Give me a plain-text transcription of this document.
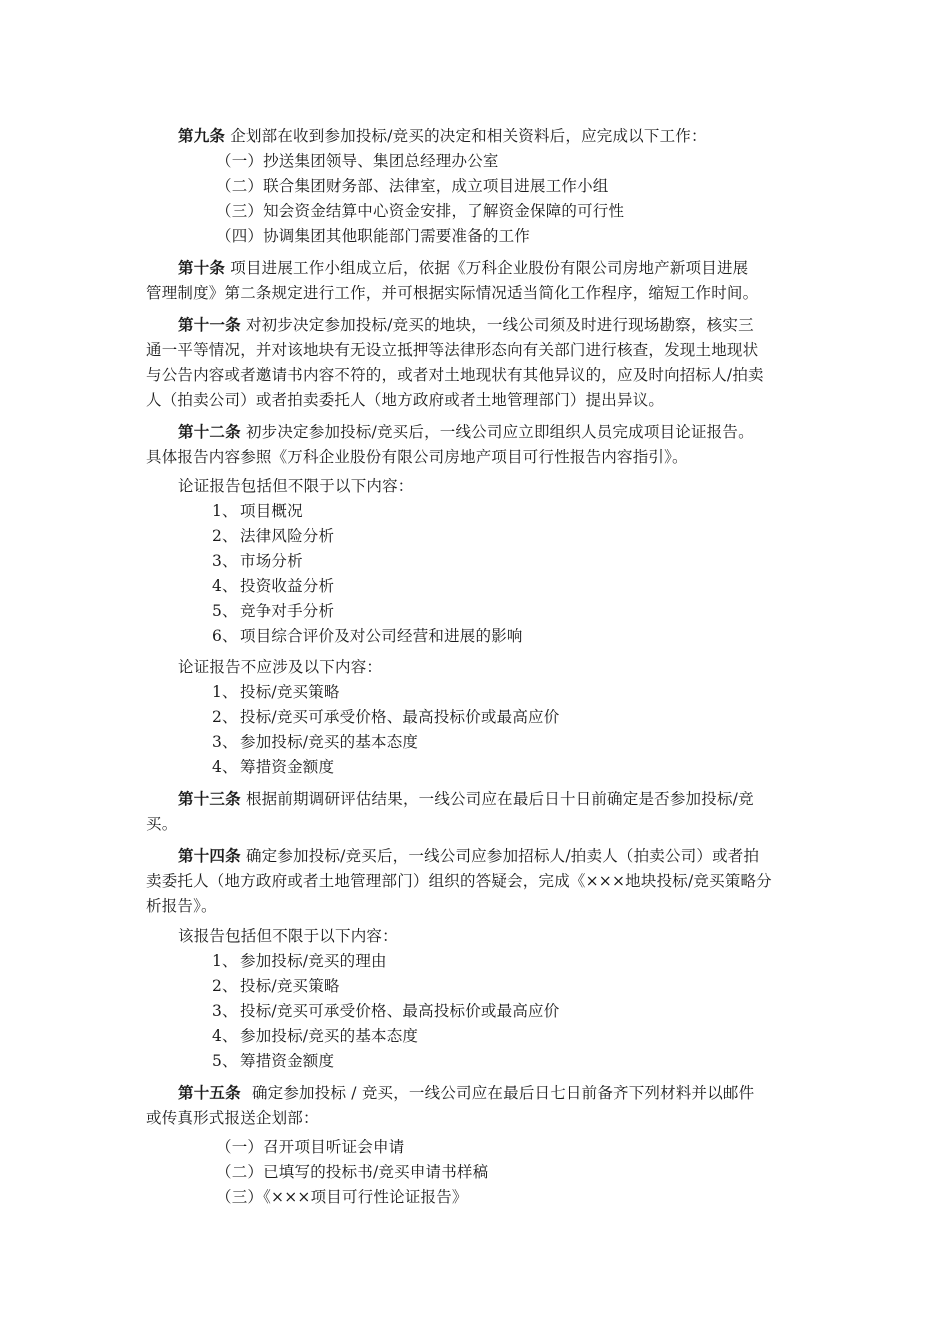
第九条 企划部在收到参加投标/竞买的决定和相关资料后，应完成以下工作：
（一）抄送集团领导、集团总经理办公室
（二）联合集团财务部、法律室，成立项目进展工作小组
（三）知会资金结算中心资金安排，了解资金保障的可行性
（四）协调集团其他职能部门需要准备的工作
第十条 项目进展工作小组成立后，依据《万科企业股份有限公司房地产新项目进展
管理制度》第二条规定进行工作，并可根据实际情况适当简化工作程序，缩短工作时间。
第十一条 对初步决定参加投标/竞买的地块，一线公司须及时进行现场勘察，核实三
通一平等情况，并对该地块有无设立抵押等法律形态向有关部门进行核查，发现土地现状
与公告内容或者邀请书内容不符的，或者对土地现状有其他异议的，应及时向招标人/拍卖
人（拍卖公司）或者拍卖委托人（地方政府或者土地管理部门）提出异议。
第十二条 初步决定参加投标/竞买后，一线公司应立即组织人员完成项目论证报告。
具体报告内容参照《万科企业股份有限公司房地产项目可行性报告内容指引》。
论证报告包括但不限于以下内容：
1、 项目概况
2、 法律风险分析
3、 市场分析
4、 投资收益分析
5、 竞争对手分析
6、 项目综合评价及对公司经营和进展的影响
论证报告不应涉及以下内容：
1、 投标/竞买策略
2、 投标/竞买可承受价格、最高投标价或最高应价
3、 参加投标/竞买的基本态度
4、 筹措资金额度
第十三条 根据前期调研评估结果，一线公司应在最后日十日前确定是否参加投标/竞
买。
第十四条 确定参加投标/竞买后，一线公司应参加招标人/拍卖人（拍卖公司）或者拍
卖委托人（地方政府或者土地管理部门）组织的答疑会，完成《×××地块投标/竞买策略分
析报告》。
该报告包括但不限于以下内容：
1、 参加投标/竞买的理由
2、 投标/竞买策略
3、 投标/竞买可承受价格、最高投标价或最高应价
4、 参加投标/竞买的基本态度
5、 筹措资金额度
第十五条 确定参加投标 / 竞买，一线公司应在最后日七日前备齐下列材料并以邮件
或传真形式报送企划部：
（一）召开项目听证会申请
（二）已填写的投标书/竞买申请书样稿
（三）《×××项目可行性论证报告》
